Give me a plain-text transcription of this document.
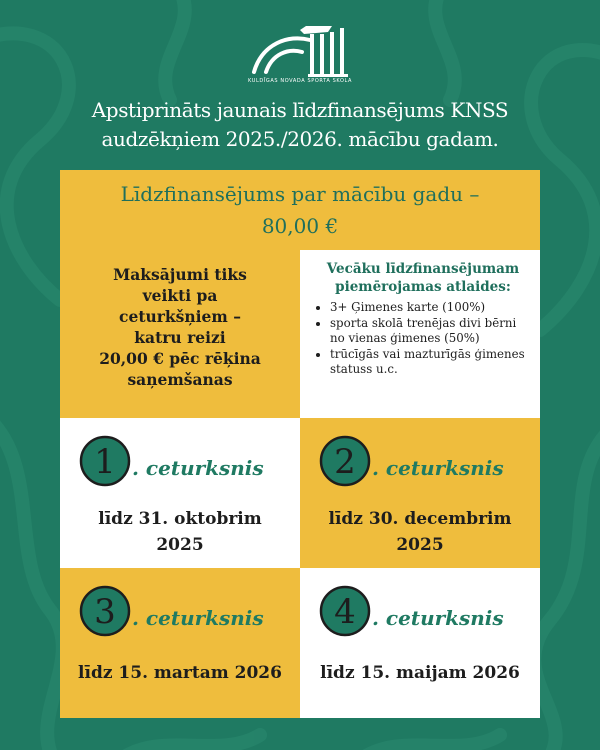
KULDĪGAS NOVADA SPORTA SKOLA
Apstiprināts jaunais līdzfinansējums KNSS
audzēkņiem 2025./2026. mācību gadam.
Līdzfinansējums par mācību gadu –
80,00 €
Maksājumi tiks
veikti pa
ceturkšņiem –
katru reizi
20,00 € pēc rēķina
saņemšanas
Vecāku līdzfinansējumam
piemērojamas atlaides:
• 3+ Ģimenes karte (100%)
• sporta skolā trenējas divi bērni no vienas ģimenes (50%)
• trūcīgās vai mazturīgās ģimenes statuss u.c.
1 . ceturksnis
līdz 31. oktobrim
2025
2 . ceturksnis
līdz 30. decembrim
2025
3 . ceturksnis
līdz 15. martam 2026
4 . ceturksnis
līdz 15. maijam 2026
